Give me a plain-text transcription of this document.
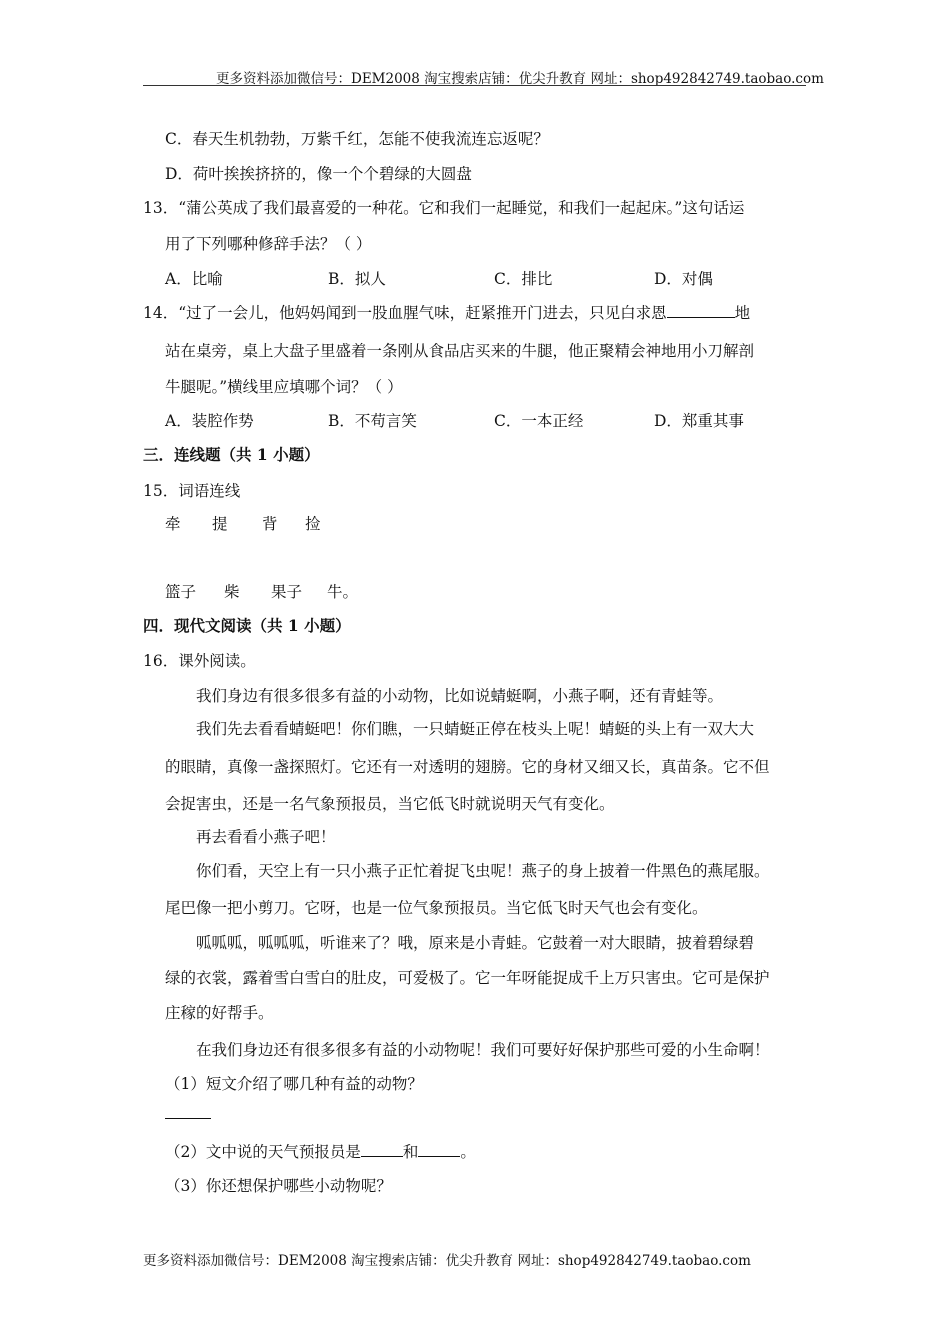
更多资料添加微信号：DEM2008 淘宝搜索店铺：优尖升教育 网址：shop492842749.taobao.com
C．春天生机勃勃，万紫千红，怎能不使我流连忘返呢？
D．荷叶挨挨挤挤的，像一个个碧绿的大圆盘
13．“蒲公英成了我们最喜爱的一种花。它和我们一起睡觉，和我们一起起床。”这句话运
用了下列哪种修辞手法？（ ）
A．比喻	B．拟人	C．排比	D．对偶
14．“过了一会儿，他妈妈闻到一股血腥气味，赶紧推开门进去，只见白求恩	地
站在桌旁，桌上大盘子里盛着一条刚从食品店买来的牛腿，他正聚精会神地用小刀解剖
牛腿呢。”横线里应填哪个词？（ ）
A．装腔作势	B．不苟言笑	C．一本正经	D．郑重其事
三．连线题（共 1 小题）
15．词语连线
牵 提 背 捡
篮子 柴 果子 牛。
四．现代文阅读（共 1 小题）
16．课外阅读。
我们身边有很多很多有益的小动物，比如说蜻蜓啊，小燕子啊，还有青蛙等。
我们先去看看蜻蜓吧！你们瞧，一只蜻蜓正停在枝头上呢！蜻蜓的头上有一双大大
的眼睛，真像一盏探照灯。它还有一对透明的翅膀。它的身材又细又长，真苗条。它不但
会捉害虫，还是一名气象预报员，当它低飞时就说明天气有变化。
再去看看小燕子吧！
你们看，天空上有一只小燕子正忙着捉飞虫呢！燕子的身上披着一件黑色的燕尾服。
尾巴像一把小剪刀。它呀，也是一位气象预报员。当它低飞时天气也会有变化。
呱呱呱，呱呱呱，听谁来了？哦，原来是小青蛙。它鼓着一对大眼睛，披着碧绿碧
绿的衣裳，露着雪白雪白的肚皮，可爱极了。它一年呀能捉成千上万只害虫。它可是保护
庄稼的好帮手。
在我们身边还有很多很多有益的小动物呢！我们可要好好保护那些可爱的小生命啊！
（1）短文介绍了哪几种有益的动物？
（2）文中说的天气预报员是	和	。
（3）你还想保护哪些小动物呢？
更多资料添加微信号：DEM2008 淘宝搜索店铺：优尖升教育 网址：shop492842749.taobao.com
